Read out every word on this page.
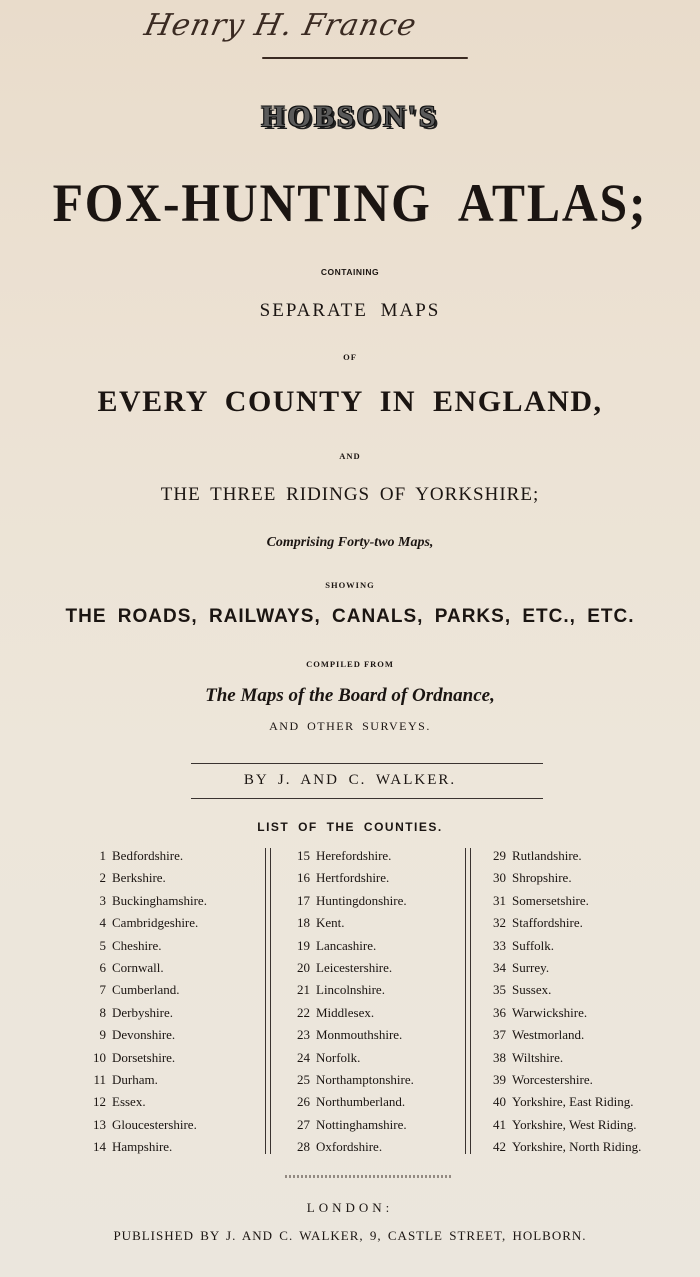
Henry H. France
HOBSON'S
FOX-HUNTING ATLAS;
CONTAINING
SEPARATE MAPS
OF
EVERY COUNTY IN ENGLAND,
AND
THE THREE RIDINGS OF YORKSHIRE;
Comprising Forty-two Maps,
SHOWING
THE ROADS, RAILWAYS, CANALS, PARKS, ETC., ETC.
COMPILED FROM
The Maps of the Board of Ordnance,
AND OTHER SURVEYS.
BY J. AND C. WALKER.
LIST OF THE COUNTIES.
1 Bedfordshire.
2 Berkshire.
3 Buckinghamshire.
4 Cambridgeshire.
5 Cheshire.
6 Cornwall.
7 Cumberland.
8 Derbyshire.
9 Devonshire.
10 Dorsetshire.
11 Durham.
12 Essex.
13 Gloucestershire.
14 Hampshire.
15 Herefordshire.
16 Hertfordshire.
17 Huntingdonshire.
18 Kent.
19 Lancashire.
20 Leicestershire.
21 Lincolnshire.
22 Middlesex.
23 Monmouthshire.
24 Norfolk.
25 Northamptonshire.
26 Northumberland.
27 Nottinghamshire.
28 Oxfordshire.
29 Rutlandshire.
30 Shropshire.
31 Somersetshire.
32 Staffordshire.
33 Suffolk.
34 Surrey.
35 Sussex.
36 Warwickshire.
37 Westmorland.
38 Wiltshire.
39 Worcestershire.
40 Yorkshire, East Riding.
41 Yorkshire, West Riding.
42 Yorkshire, North Riding.
LONDON:
PUBLISHED BY J. AND C. WALKER, 9, CASTLE STREET, HOLBORN.
